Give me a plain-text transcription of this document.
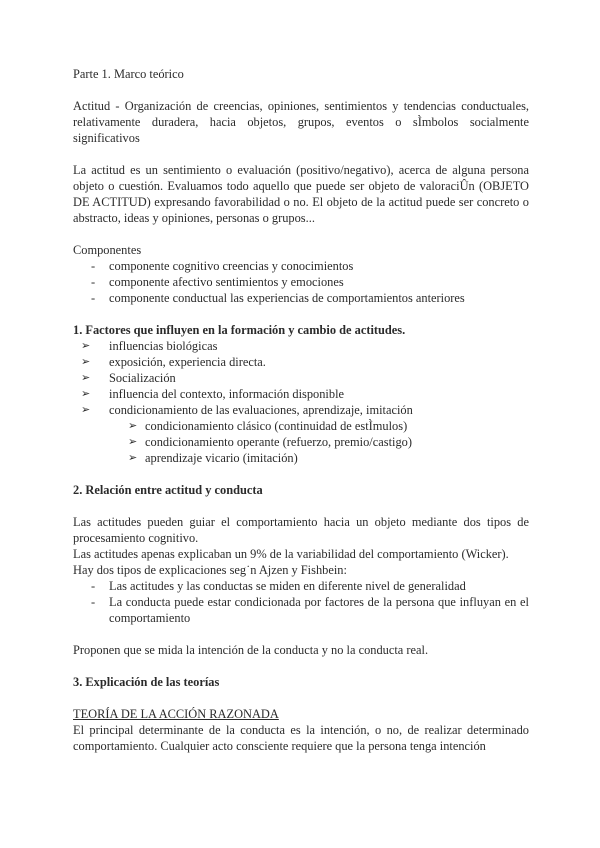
Parte 1. Marco teórico

Actitud - Organización de creencias, opiniones, sentimientos y tendencias conductuales, relativamente duradera, hacia objetos, grupos, eventos o sÌmbolos socialmente significativos

La actitud es un sentimiento o evaluación (positivo/negativo), acerca de alguna persona objeto o cuestión. Evaluamos todo aquello que puede ser objeto de valoraciÛn (OBJETO DE ACTITUD) expresando favorabilidad o no. El objeto de la actitud puede ser concreto o abstracto, ideas y opiniones, personas o grupos...

Componentes

- componente cognitivo creencias y conocimientos
- componente afectivo sentimientos y emociones
- componente conductual las experiencias de comportamientos anteriores

1. Factores que influyen en la formación y cambio de actitudes.

➢ influencias biológicas
➢ exposición, experiencia directa.
➢ Socialización
➢ influencia del contexto, información disponible
➢ condicionamiento de las evaluaciones, aprendizaje, imitación
➢ condicionamiento clásico (continuidad de estÌmulos)
➢ condicionamiento operante (refuerzo, premio/castigo)
➢ aprendizaje vicario (imitación)

2. Relación entre actitud y conducta

Las actitudes pueden guiar el comportamiento hacia un objeto mediante dos tipos de procesamiento cognitivo.

Las actitudes apenas explicaban un 9% de la variabilidad del comportamiento (Wicker).

Hay dos tipos de explicaciones seg˙n Ajzen y Fishbein:

- Las actitudes y las conductas se miden en diferente nivel de generalidad
- La conducta puede estar condicionada por factores de la persona que influyan en el comportamiento

Proponen que se mida la intención de la conducta y no la conducta real.

3. Explicación de las teorías

TEORÍA DE LA ACCIÓN RAZONADA

El principal determinante de la conducta es la intención, o no, de realizar determinado comportamiento. Cualquier acto consciente requiere que la persona tenga intención
